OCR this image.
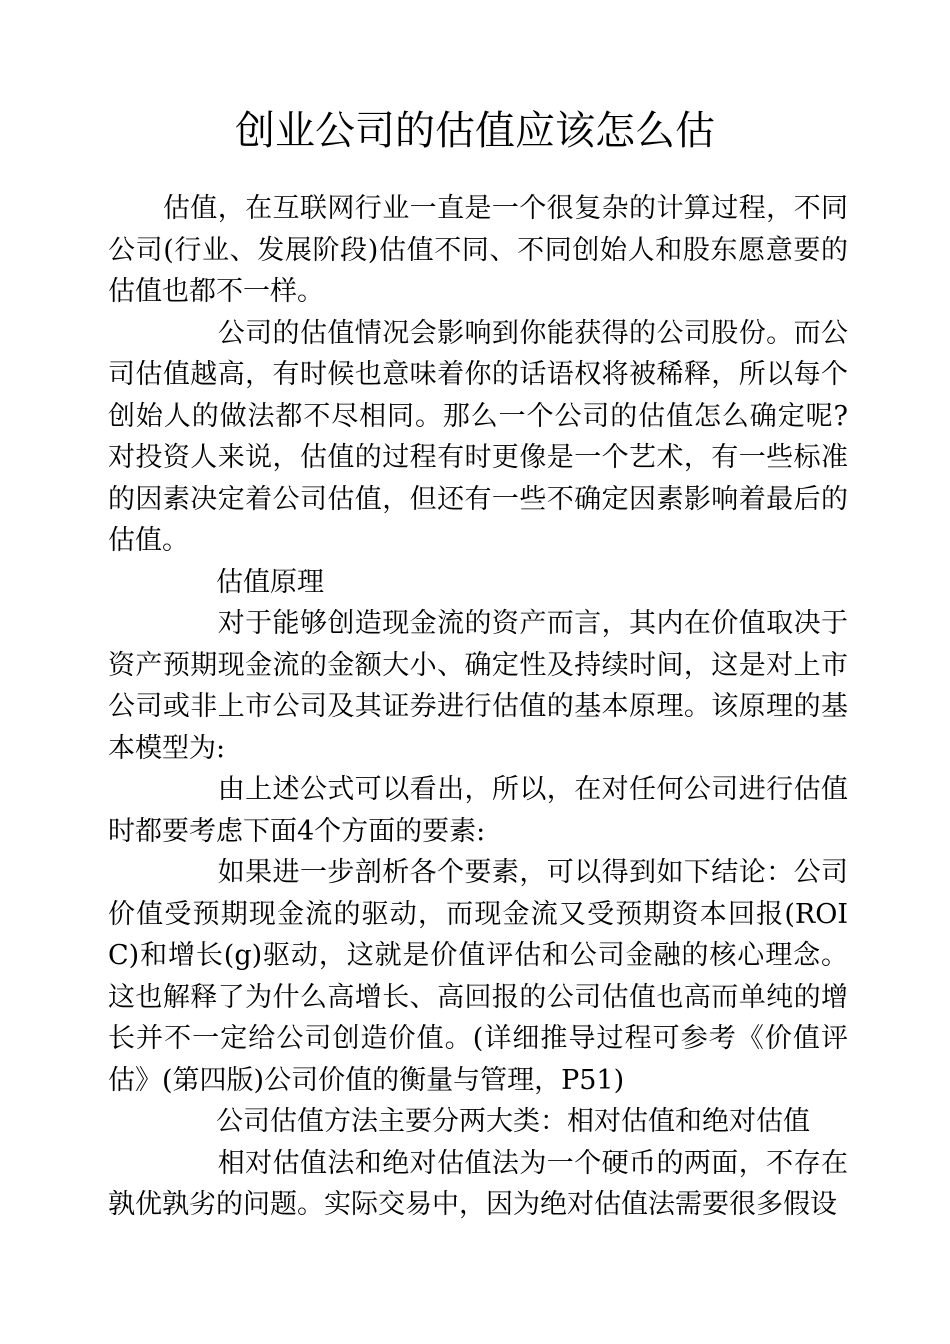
创业公司的估值应该怎么估

　　估值，在互联网行业一直是一个很复杂的计算过程，不同公司(行业、发展阶段)估值不同、不同创始人和股东愿意要的估值也都不一样。

　　　　公司的估值情况会影响到你能获得的公司股份。而公司估值越高，有时候也意味着你的话语权将被稀释，所以每个创始人的做法都不尽相同。那么一个公司的估值怎么确定呢?对投资人来说，估值的过程有时更像是一个艺术，有一些标准的因素决定着公司估值，但还有一些不确定因素影响着最后的估值。

　　　　估值原理

　　　　对于能够创造现金流的资产而言，其内在价值取决于资产预期现金流的金额大小、确定性及持续时间，这是对上市公司或非上市公司及其证券进行估值的基本原理。该原理的基本模型为:

　　　　由上述公式可以看出，所以，在对任何公司进行估值时都要考虑下面4个方面的要素:

　　　　如果进一步剖析各个要素，可以得到如下结论：公司价值受预期现金流的驱动，而现金流又受预期资本回报(ROIC)和增长(g)驱动，这就是价值评估和公司金融的核心理念。这也解释了为什么高增长、高回报的公司估值也高而单纯的增长并不一定给公司创造价值。(详细推导过程可参考《价值评估》(第四版)公司价值的衡量与管理，P51)

　　　　公司估值方法主要分两大类：相对估值和绝对估值

　　　　相对估值法和绝对估值法为一个硬币的两面，不存在孰优孰劣的问题。实际交易中，因为绝对估值法需要很多假设
